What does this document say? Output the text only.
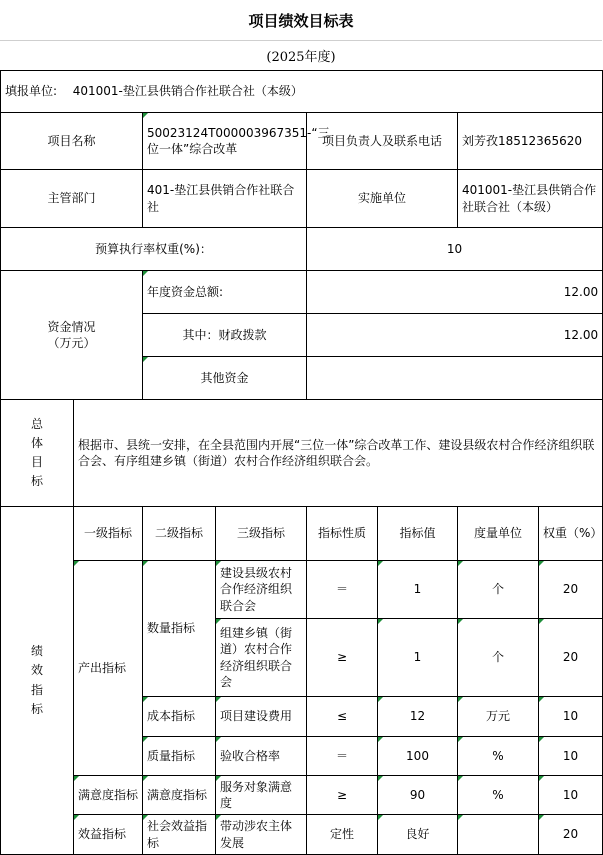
项目绩效目标表
(2025年度)
填报单位: 401001-垫江县供销合作社联合社（本级）							
项目名称		50023124T000003967351-“三位一体”综合改革		项目负责人及联系电话		刘芳孜18512365620	
主管部门		401-垫江县供销合作社联合社		实施单位		401001-垫江县供销合作社联合社（本级）	
预算执行率权重(%)：				10			

资金情况（万元）		年度资金总额:		12.00			
		其中：财政拨款		12.00			
		其他资金					

总体目标	根据市、县统一安排，在全县范围内开展“三位一体”综合改革工作、建设县级农村合作经济组织联合会、有序组建乡镇（街道）农村合作经济组织联合会。						

绩效指标	一级指标	二级指标	三级指标	指标性质	指标值	度量单位	权重（%）
	产出指标	数量指标	建设县级农村合作经济组织联合会	＝	1	个	20
			组建乡镇（街道）农村合作经济组织联合会	≥	1	个	20
		成本指标	项目建设费用	≤	12	万元	10
		质量指标	验收合格率	＝	100	%	10
	满意度指标	满意度指标	服务对象满意度	≥	90	%	10
	效益指标	社会效益指标	带动涉农主体发展	定性	良好		20
